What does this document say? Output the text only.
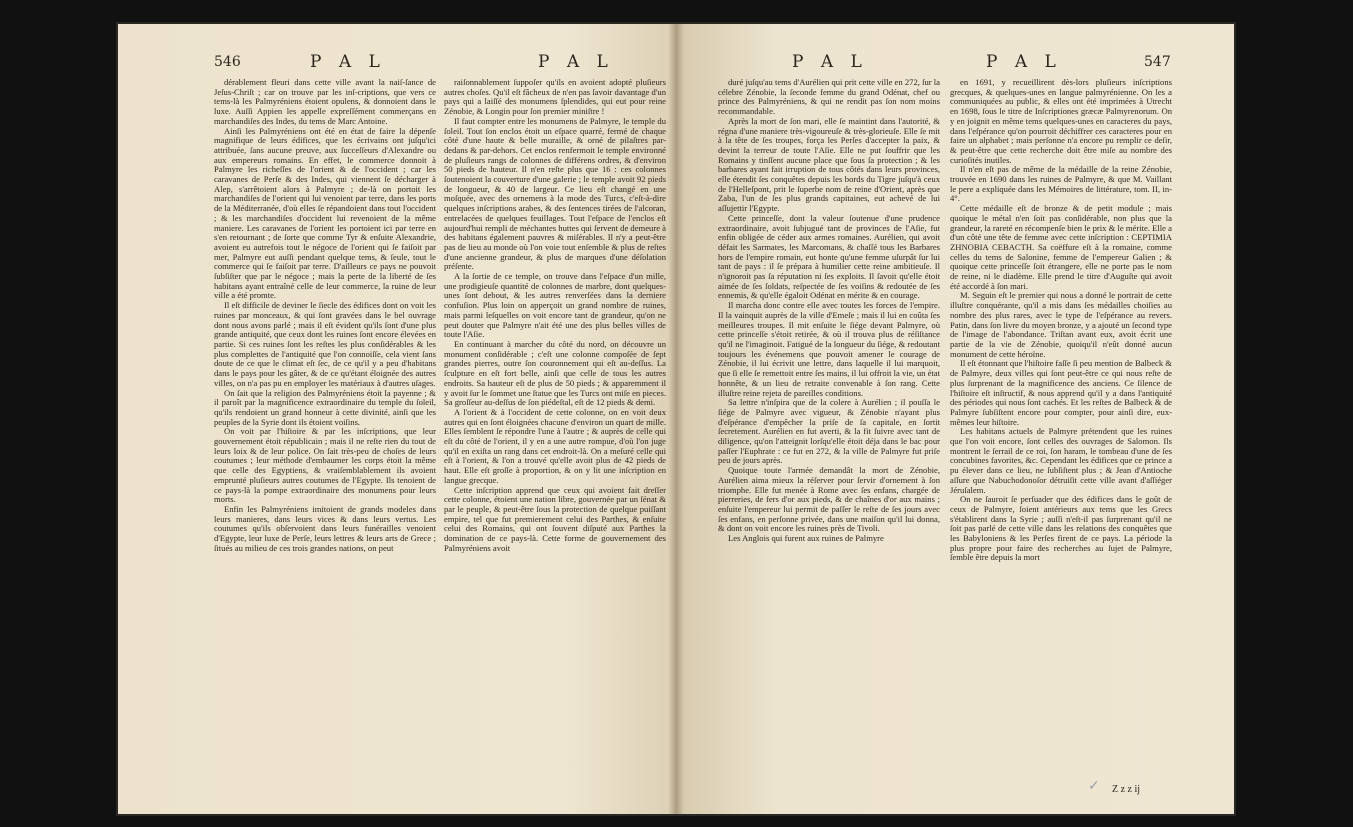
546	P A L	P A L

dérablement fleuri dans cette ville avant la naiſ-ſance de Jeſus-Chriſt ; car on trouve par les inſ-criptions, que vers ce tems-là les Palmyréniens étoient opulens, & donnoient dans le luxe. Auſſi Appien les appelle expreſſément commerçans en marchandiſes des Indes, du tems de Marc Antoine.

Ainſi les Palmyréniens ont été en état de faire la dépenſe magnifique de leurs édifices, que les écrivains ont juſqu'ici attribuée, ſans aucune preuve, aux ſucceſſeurs d'Alexandre ou aux empereurs romains. En effet, le commerce donnoit à Palmyre les richeſſes de l'orient & de l'occident ; car les caravanes de Perſe & des Indes, qui viennent ſe décharger à Alep, s'arrêtoient alors à Palmyre ; de-là on portoit les marchandiſes de l'orient qui lui venoient par terre, dans les ports de la Méditerranée, d'où elles ſe répandoient dans tout l'occident ; & les marchandiſes d'occident lui revenoient de la même maniere. Les caravanes de l'orient les portoient ici par terre en s'en retournant ; de ſorte que comme Tyr & enſuite Alexandrie, avoient eu autrefois tout le négoce de l'orient qui ſe faiſoit par mer, Palmyre eut auſſi pendant quelque tems, & ſeule, tout le commerce qui ſe faiſoit par terre. D'ailleurs ce pays ne pouvoit ſubſiſter que par le négoce ; mais la perte de la liberté de ſes habitans ayant entraîné celle de leur commerce, la ruine de leur ville a été promte.

Il eſt difficile de deviner le ſiecle des édifices dont on voit les ruines par monceaux, & qui ſont gravées dans le bel ouvrage dont nous avons parlé ; mais il eſt évident qu'ils ſont d'une plus grande antiquité, que ceux dont les ruines ſont encore élevées en partie. Si ces ruines ſont les reſtes les plus conſidérables & les plus complettes de l'antiquité que l'on connoiſſe, cela vient ſans doute de ce que le climat eſt ſec, de ce qu'il y a peu d'habitans dans le pays pour les gâter, & de ce qu'étant éloignée des autres villes, on n'a pas pu en employer les matériaux à d'autres uſages.

On ſait que la religion des Palmyréniens étoit la payenne ; & il paroît par la magnificence extraordinaire du temple du ſoleil, qu'ils rendoient un grand honneur à cette divinité, ainſi que les peuples de la Syrie dont ils étoient voiſins.

On voit par l'hiſtoire & par les inſcriptions, que leur gouvernement étoit républicain ; mais il ne reſte rien du tout de leurs loix & de leur police. On ſait très-peu de choſes de leurs coutumes ; leur méthode d'embaumer les corps étoit la même que celle des Egyptiens, & vraiſemblablement ils avoient emprunté pluſieurs autres coutumes de l'Egypte. Ils tenoient de ce pays-là la pompe extraordinaire des monumens pour leurs morts.

Enfin les Palmyréniens imitoient de grands modeles dans leurs manieres, dans leurs vices & dans leurs vertus. Les coutumes qu'ils obſervoient dans leurs funérailles venoient d'Egypte, leur luxe de Perſe, leurs lettres & leurs arts de Grece ; ſitués au milieu de ces trois grandes nations, on peut

raiſonnablement ſuppoſer qu'ils en avoient adopté pluſieurs autres choſes. Qu'il eſt fâcheux de n'en pas ſavoir davantage d'un pays qui a laiſſé des monumens ſplendides, qui eut pour reine Zénobie, & Longin pour ſon premier miniſtre !

Il faut compter entre les monumens de Palmyre, le temple du ſoleil. Tout ſon enclos étoit un eſpace quarré, fermé de chaque côté d'une haute & belle muraille, & orné de pilaſtres par-dedans & par-dehors. Cet enclos renfermoit le temple environné de pluſieurs rangs de colonnes de différens ordres, & d'environ 50 pieds de hauteur. Il n'en reſte plus que 16 : ces colonnes ſoutenoient la couverture d'une galerie ; le temple avoit 92 pieds de longueur, & 40 de largeur. Ce lieu eſt changé en une moſquée, avec des ornemens à la mode des Turcs, c'eſt-à-dire quelques inſcriptions arabes, & des ſentences tirées de l'alcoran, entrelacées de quelques feuillages. Tout l'eſpace de l'enclos eſt aujourd'hui rempli de méchantes huttes qui ſervent de demeure à des habitans également pauvres & miſérables. Il n'y a peut-être pas de lieu au monde où l'on voie tout enſemble & plus de reſtes d'une ancienne grandeur, & plus de marques d'une déſolation préſente.

A la ſortie de ce temple, on trouve dans l'eſpace d'un mille, une prodigieuſe quantité de colonnes de marbre, dont quelques-unes ſont debout, & les autres renverſées dans la derniere confuſion. Plus loin on apperçoit un grand nombre de ruines, mais parmi leſquelles on voit encore tant de grandeur, qu'on ne peut douter que Palmyre n'ait été une des plus belles villes de toute l'Aſie.

En continuant à marcher du côté du nord, on découvre un monument conſidérable ; c'eſt une colonne compoſée de ſept grandes pierres, outre ſon couronnement qui eſt au-deſſus. La ſculpture en eſt fort belle, ainſi que celle de tous les autres endroits. Sa hauteur eſt de plus de 50 pieds ; & apparemment il y avoit ſur le ſommet une ſtatue que les Turcs ont miſe en pieces. Sa groſſeur au-deſſus de ſon piédeſtal, eſt de 12 pieds & demi.

A l'orient & à l'occident de cette colonne, on en voit deux autres qui en ſont éloignées chacune d'environ un quart de mille. Elles ſemblent ſe répondre l'une à l'autre ; & auprès de celle qui eſt du côté de l'orient, il y en a une autre rompue, d'où l'on juge qu'il en exiſta un rang dans cet endroit-là. On a meſuré celle qui eſt à l'orient, & l'on a trouvé qu'elle avoit plus de 42 pieds de haut. Elle eſt groſſe à proportion, & on y lit une inſcription en langue grecque.

Cette inſcription apprend que ceux qui avoient fait dreſſer cette colonne, étoient une nation libre, gouvernée par un ſénat & par le peuple, & peut-être ſous la protection de quelque puiſſant empire, tel que fut premierement celui des Parthes, & enſuite celui des Romains, qui ont ſouvent diſputé aux Parthes la domination de ce pays-là. Cette forme de gouvernement des Palmyréniens avoit

P A L	P A L	547

duré juſqu'au tems d'Aurélien qui prit cette ville en 272, ſur la célebre Zénobie, la ſeconde femme du grand Odénat, chef ou prince des Palmyréniens, & qui ne rendit pas ſon nom moins recommandable.

Après la mort de ſon mari, elle ſe maintint dans l'autorité, & régna d'une maniere très-vigoureuſe & très-glorieuſe. Elle ſe mit à la tête de ſes troupes, força les Perſes d'accepter la paix, & devint la terreur de toute l'Aſie. Elle ne put ſouffrir que les Romains y tinſſent aucune place que ſous ſa protection ; & les barbares ayant fait irruption de tous côtés dans leurs provinces, elle étendit ſes conquêtes depuis les bords du Tigre juſqu'à ceux de l'Helleſpont, prit le ſuperbe nom de reine d'Orient, après que Zaba, l'un de ſes plus grands capitaines, eut achevé de lui aſſujettir l'Egypte.

Cette princeſſe, dont la valeur ſoutenue d'une prudence extraordinaire, avoit ſubjugué tant de provinces de l'Aſie, fut enfin obligée de céder aux armes romaines. Aurélien, qui avoit défait les Sarmates, les Marcomans, & chaſſé tous les Barbares hors de l'empire romain, eut honte qu'une femme uſurpât ſur lui tant de pays : il ſe prépara à humilier cette reine ambitieuſe. Il n'ignoroit pas ſa réputation ni ſes exploits. Il ſavoit qu'elle étoit aimée de ſes ſoldats, reſpectée de ſes voiſins & redoutée de ſes ennemis, & qu'elle égaloit Odénat en mérite & en courage.

Il marcha donc contre elle avec toutes les forces de l'empire. Il la vainquit auprès de la ville d'Emeſe ; mais il lui en coûta ſes meilleures troupes. Il mit enſuite le ſiége devant Palmyre, où cette princeſſe s'étoit retirée, & où il trouva plus de réſiſtance qu'il ne l'imaginoit. Fatigué de la longueur du ſiége, & redoutant toujours les événemens que pouvoit amener le courage de Zénobie, il lui écrivit une lettre, dans laquelle il lui marquoit, que ſi elle ſe remettoit entre ſes mains, il lui offroit la vie, un état honnête, & un lieu de retraite convenable à ſon rang. Cette illuſtre reine rejeta de pareilles conditions.

Sa lettre n'inſpira que de la colere à Aurélien ; il pouſſa le ſiége de Palmyre avec vigueur, & Zénobie n'ayant plus d'eſpérance d'empêcher la priſe de ſa capitale, en ſortit ſecretement. Aurélien en fut averti, & la fit ſuivre avec tant de diligence, qu'on l'atteignit lorſqu'elle étoit déja dans le bac pour paſſer l'Euphrate : ce fut en 272, & la ville de Palmyre fut priſe peu de jours après.

Quoique toute l'armée demandât la mort de Zénobie, Aurélien aima mieux la réſerver pour ſervir d'ornement à ſon triomphe. Elle fut menée à Rome avec ſes enfans, chargée de pierreries, de fers d'or aux pieds, & de chaînes d'or aux mains ; enſuite l'empereur lui permit de paſſer le reſte de ſes jours avec ſes enfans, en perſonne privée, dans une maiſon qu'il lui donna, & dont on voit encore les ruines près de Tivoli.

Les Anglois qui furent aux ruines de Palmyre

en 1691, y recueillirent dès-lors pluſieurs inſcriptions grecques, & quelques-unes en langue palmyrénienne. On les a communiquées au public, & elles ont été imprimées à Utrecht en 1698, ſous le titre de Inſcriptiones græcæ Palmyrenorum. On y en joignit en même tems quelques-unes en caracteres du pays, dans l'eſpérance qu'on pourroit déchiffrer ces caracteres pour en faire un alphabet ; mais perſonne n'a encore pu remplir ce deſir, & peut-être que cette recherche doit être miſe au nombre des curioſités inutiles.

Il n'en eſt pas de même de la médaille de la reine Zénobie, trouvée en 1690 dans les ruines de Palmyre, & que M. Vaillant le pere a expliquée dans les Mémoires de littérature, tom. II, in-4°.

Cette médaille eſt de bronze & de petit module ; mais quoique le métal n'en ſoit pas conſidérable, non plus que la grandeur, la rareté en récompenſe bien le prix & le mérite. Elle a d'un côté une tête de femme avec cette inſcription : CEPTIMIA ZHNOBIA CEBACTH. Sa coëffure eſt à la romaine, comme celles du tems de Salonine, femme de l'empereur Galien ; & quoique cette princeſſe ſoit étrangere, elle ne porte pas le nom de reine, ni le diadème. Elle prend le titre d'Auguſte qui avoit été accordé à ſon mari.

M. Seguin eſt le premier qui nous a donné le portrait de cette illuſtre conquérante, qu'il a mis dans ſes médailles choiſies au nombre des plus rares, avec le type de l'eſpérance au revers. Patin, dans ſon livre du moyen bronze, y a ajouté un ſecond type de l'image de l'abondance. Triſtan avant eux, avoit écrit une partie de la vie de Zénobie, quoiqu'il n'eût donné aucun monument de cette héroïne.

Il eſt étonnant que l'hiſtoire faſſe ſi peu mention de Balbeck & de Palmyre, deux villes qui ſont peut-être ce qui nous reſte de plus ſurprenant de la magnificence des anciens. Ce ſilence de l'hiſtoire eſt inſtructif, & nous apprend qu'il y a dans l'antiquité des périodes qui nous ſont cachés. Et les reſtes de Balbeck & de Palmyre ſubſiſtent encore pour compter, pour ainſi dire, eux-mêmes leur hiſtoire.

Les habitans actuels de Palmyre prétendent que les ruines que l'on voit encore, ſont celles des ouvrages de Salomon. Ils montrent le ſerrail de ce roi, ſon haram, le tombeau d'une de ſes concubines favorites, &c. Cependant les édifices que ce prince a pu élever dans ce lieu, ne ſubſiſtent plus ; & Jean d'Antioche aſſure que Nabuchodonoſor détruiſit cette ville avant d'aſſiéger Jéruſalem.

On ne ſauroit ſe perſuader que des édifices dans le goût de ceux de Palmyre, ſoient antérieurs aux tems que les Grecs s'établirent dans la Syrie ; auſſi n'eſt-il pas ſurprenant qu'il ne ſoit pas parlé de cette ville dans les relations des conquêtes que les Babyloniens & les Perſes firent de ce pays. La période la plus propre pour faire des recherches au ſujet de Palmyre, ſemble être depuis la mort

Z z z ij
✓
